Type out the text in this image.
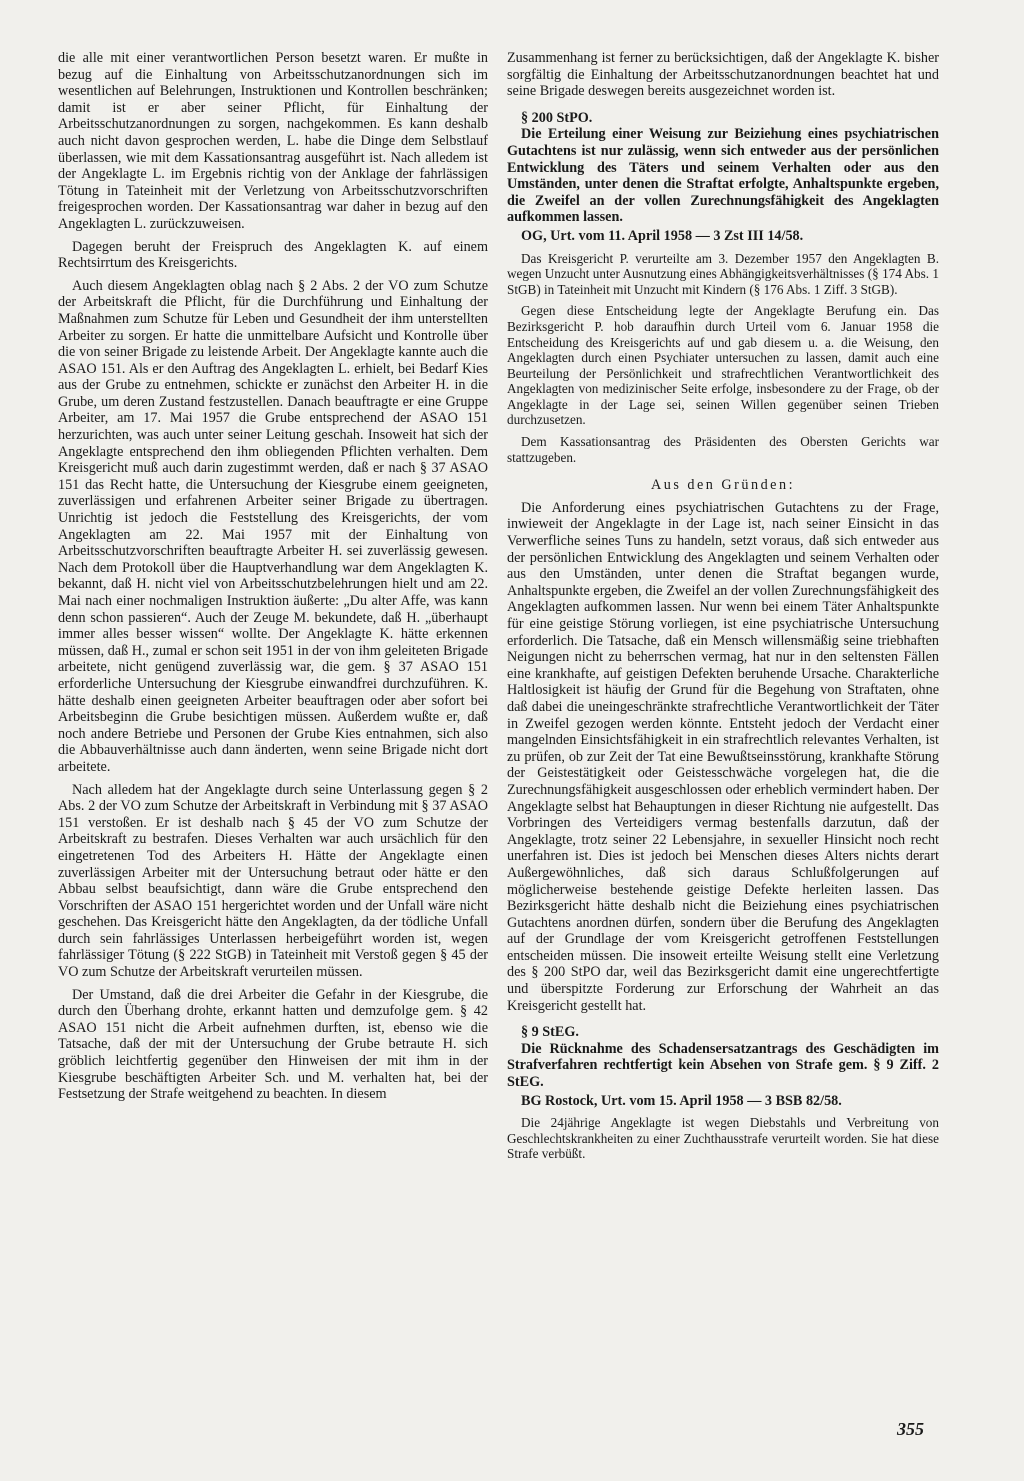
die alle mit einer verantwortlichen Person besetzt waren. Er mußte in bezug auf die Einhaltung von Arbeitsschutzanordnungen sich im wesentlichen auf Belehrungen, Instruktionen und Kontrollen beschränken; damit ist er aber seiner Pflicht, für Einhaltung der Arbeitsschutzanordnungen zu sorgen, nachgekommen. Es kann deshalb auch nicht davon gesprochen werden, L. habe die Dinge dem Selbstlauf überlassen, wie mit dem Kassationsantrag ausgeführt ist. Nach alledem ist der Angeklagte L. im Ergebnis richtig von der Anklage der fahrlässigen Tötung in Tateinheit mit der Verletzung von Arbeitsschutzvorschriften freigesprochen worden. Der Kassationsantrag war daher in bezug auf den Angeklagten L. zurückzuweisen.

Dagegen beruht der Freispruch des Angeklagten K. auf einem Rechtsirrtum des Kreisgerichts.

Auch diesem Angeklagten oblag nach § 2 Abs. 2 der VO zum Schutze der Arbeitskraft die Pflicht, für die Durchführung und Einhaltung der Maßnahmen zum Schutze für Leben und Gesundheit der ihm unterstellten Arbeiter zu sorgen. Er hatte die unmittelbare Aufsicht und Kontrolle über die von seiner Brigade zu leistende Arbeit. Der Angeklagte kannte auch die ASAO 151. Als er den Auftrag des Angeklagten L. erhielt, bei Bedarf Kies aus der Grube zu entnehmen, schickte er zunächst den Arbeiter H. in die Grube, um deren Zustand festzustellen. Danach beauftragte er eine Gruppe Arbeiter, am 17. Mai 1957 die Grube entsprechend der ASAO 151 herzurichten, was auch unter seiner Leitung geschah. Insoweit hat sich der Angeklagte entsprechend den ihm obliegenden Pflichten verhalten. Dem Kreisgericht muß auch darin zugestimmt werden, daß er nach § 37 ASAO 151 das Recht hatte, die Untersuchung der Kiesgrube einem geeigneten, zuverlässigen und erfahrenen Arbeiter seiner Brigade zu übertragen. Unrichtig ist jedoch die Feststellung des Kreisgerichts, der vom Angeklagten am 22. Mai 1957 mit der Einhaltung von Arbeitsschutzvorschriften beauftragte Arbeiter H. sei zuverlässig gewesen. Nach dem Protokoll über die Hauptverhandlung war dem Angeklagten K. bekannt, daß H. nicht viel von Arbeitsschutzbelehrungen hielt und am 22. Mai nach einer nochmaligen Instruktion äußerte: „Du alter Affe, was kann denn schon passieren“. Auch der Zeuge M. bekundete, daß H. „überhaupt immer alles besser wissen“ wollte. Der Angeklagte K. hätte erkennen müssen, daß H., zumal er schon seit 1951 in der von ihm geleiteten Brigade arbeitete, nicht genügend zuverlässig war, die gem. § 37 ASAO 151 erforderliche Untersuchung der Kiesgrube einwandfrei durchzuführen. K. hätte deshalb einen geeigneten Arbeiter beauftragen oder aber sofort bei Arbeitsbeginn die Grube besichtigen müssen. Außerdem wußte er, daß noch andere Betriebe und Personen der Grube Kies entnahmen, sich also die Abbauverhältnisse auch dann änderten, wenn seine Brigade nicht dort arbeitete.

Nach alledem hat der Angeklagte durch seine Unterlassung gegen § 2 Abs. 2 der VO zum Schutze der Arbeitskraft in Verbindung mit § 37 ASAO 151 verstoßen. Er ist deshalb nach § 45 der VO zum Schutze der Arbeitskraft zu bestrafen. Dieses Verhalten war auch ursächlich für den eingetretenen Tod des Arbeiters H. Hätte der Angeklagte einen zuverlässigen Arbeiter mit der Untersuchung betraut oder hätte er den Abbau selbst beaufsichtigt, dann wäre die Grube entsprechend den Vorschriften der ASAO 151 hergerichtet worden und der Unfall wäre nicht geschehen. Das Kreisgericht hätte den Angeklagten, da der tödliche Unfall durch sein fahrlässiges Unterlassen herbeigeführt worden ist, wegen fahrlässiger Tötung (§ 222 StGB) in Tateinheit mit Verstoß gegen § 45 der VO zum Schutze der Arbeitskraft verurteilen müssen.

Der Umstand, daß die drei Arbeiter die Gefahr in der Kiesgrube, die durch den Überhang drohte, erkannt hatten und demzufolge gem. § 42 ASAO 151 nicht die Arbeit aufnehmen durften, ist, ebenso wie die Tatsache, daß der mit der Untersuchung der Grube betraute H. sich gröblich leichtfertig gegenüber den Hinweisen der mit ihm in der Kiesgrube beschäftigten Arbeiter Sch. und M. verhalten hat, bei der Festsetzung der Strafe weitgehend zu beachten. In diesem

Zusammenhang ist ferner zu berücksichtigen, daß der Angeklagte K. bisher sorgfältig die Einhaltung der Arbeitsschutzanordnungen beachtet hat und seine Brigade deswegen bereits ausgezeichnet worden ist.

§ 200 StPO.

Die Erteilung einer Weisung zur Beiziehung eines psychiatrischen Gutachtens ist nur zulässig, wenn sich entweder aus der persönlichen Entwicklung des Täters und seinem Verhalten oder aus den Umständen, unter denen die Straftat erfolgte, Anhaltspunkte ergeben, die Zweifel an der vollen Zurechnungsfähigkeit des Angeklagten aufkommen lassen.

OG, Urt. vom 11. April 1958 — 3 Zst III 14/58.

Das Kreisgericht P. verurteilte am 3. Dezember 1957 den Angeklagten B. wegen Unzucht unter Ausnutzung eines Abhängigkeitsverhältnisses (§ 174 Abs. 1 StGB) in Tateinheit mit Unzucht mit Kindern (§ 176 Abs. 1 Ziff. 3 StGB).

Gegen diese Entscheidung legte der Angeklagte Berufung ein. Das Bezirksgericht P. hob daraufhin durch Urteil vom 6. Januar 1958 die Entscheidung des Kreisgerichts auf und gab diesem u. a. die Weisung, den Angeklagten durch einen Psychiater untersuchen zu lassen, damit auch eine Beurteilung der Persönlichkeit und strafrechtlichen Verantwortlichkeit des Angeklagten von medizinischer Seite erfolge, insbesondere zu der Frage, ob der Angeklagte in der Lage sei, seinen Willen gegenüber seinen Trieben durchzusetzen.

Dem Kassationsantrag des Präsidenten des Obersten Gerichts war stattzugeben.

Aus den Gründen:

Die Anforderung eines psychiatrischen Gutachtens zu der Frage, inwieweit der Angeklagte in der Lage ist, nach seiner Einsicht in das Verwerfliche seines Tuns zu handeln, setzt voraus, daß sich entweder aus der persönlichen Entwicklung des Angeklagten und seinem Verhalten oder aus den Umständen, unter denen die Straftat begangen wurde, Anhaltspunkte ergeben, die Zweifel an der vollen Zurechnungsfähigkeit des Angeklagten aufkommen lassen. Nur wenn bei einem Täter Anhaltspunkte für eine geistige Störung vorliegen, ist eine psychiatrische Untersuchung erforderlich. Die Tatsache, daß ein Mensch willensmäßig seine triebhaften Neigungen nicht zu beherrschen vermag, hat nur in den seltensten Fällen eine krankhafte, auf geistigen Defekten beruhende Ursache. Charakterliche Haltlosigkeit ist häufig der Grund für die Begehung von Straftaten, ohne daß dabei die uneingeschränkte strafrechtliche Verantwortlichkeit der Täter in Zweifel gezogen werden könnte. Entsteht jedoch der Verdacht einer mangelnden Einsichtsfähigkeit in ein strafrechtlich relevantes Verhalten, ist zu prüfen, ob zur Zeit der Tat eine Bewußtseinsstörung, krankhafte Störung der Geistestätigkeit oder Geistesschwäche vorgelegen hat, die die Zurechnungsfähigkeit ausgeschlossen oder erheblich vermindert haben. Der Angeklagte selbst hat Behauptungen in dieser Richtung nie aufgestellt. Das Vorbringen des Verteidigers vermag bestenfalls darzutun, daß der Angeklagte, trotz seiner 22 Lebensjahre, in sexueller Hinsicht noch recht unerfahren ist. Dies ist jedoch bei Menschen dieses Alters nichts derart Außergewöhnliches, daß sich daraus Schlußfolgerungen auf möglicherweise bestehende geistige Defekte herleiten lassen. Das Bezirksgericht hätte deshalb nicht die Beiziehung eines psychiatrischen Gutachtens anordnen dürfen, sondern über die Berufung des Angeklagten auf der Grundlage der vom Kreisgericht getroffenen Feststellungen entscheiden müssen. Die insoweit erteilte Weisung stellt eine Verletzung des § 200 StPO dar, weil das Bezirksgericht damit eine ungerechtfertigte und überspitzte Forderung zur Erforschung der Wahrheit an das Kreisgericht gestellt hat.

§ 9 StEG.

Die Rücknahme des Schadensersatzantrags des Geschädigten im Strafverfahren rechtfertigt kein Absehen von Strafe gem. § 9 Ziff. 2 StEG.

BG Rostock, Urt. vom 15. April 1958 — 3 BSB 82/58.

Die 24jährige Angeklagte ist wegen Diebstahls und Verbreitung von Geschlechtskrankheiten zu einer Zuchthausstrafe verurteilt worden. Sie hat diese Strafe verbüßt.

355
